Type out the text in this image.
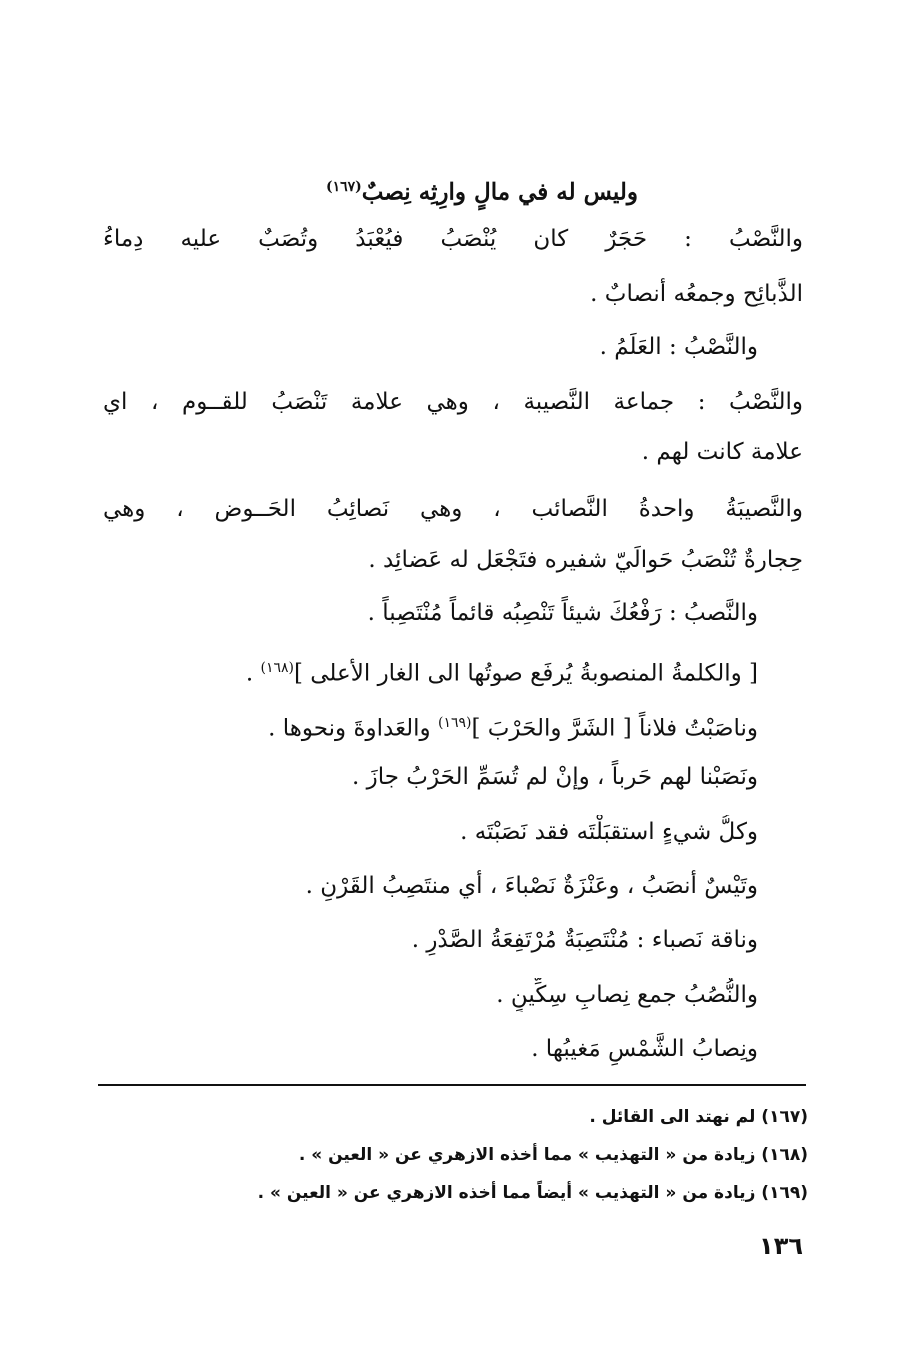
وليس له في مالٍ وارِثِه نِصبٌ$^{(١٦٧)}$
والنَّصْبُ : حَجَرٌ كان يُنْصَبُ فيُعْبَدُ وتُصَبٌ عليه دِماءُ
الذَّبائِح وجمعُه أنصابٌ .
والنَّصْبُ : العَلَمُ .
والنَّصْبُ : جماعة النَّصيبة ، وهي علامة تَنْصَبُ للقــوم ، اي
علامة كانت لهم .
والنَّصيبَةُ واحدةُ النَّصائب ، وهي نَصائِبُ الحَــوض ، وهي
حِجارةٌ تُنْصَبُ حَوالَيّ شفيره فتَجْعَل له عَضائِد .
والنَّصبُ : رَفْعُكَ شيئاً تَنْصِبُه قائماً مُنْتَصِباً .
[ والكلمةُ المنصوبةُ يُرفَع صوتُها الى الغار الأعلى ]$^{(١٦٨)}$ .
وناصَبْتُ فلاناً [ الشَرَّ والحَرْبَ ]$^{(١٦٩)}$ والعَداوةَ ونحوها .
ونَصَبْنا لهم حَرباً ، وإنْ لم تُسَمِّ الحَرْبُ جازَ .
وكلُّ شيءٍ استقبَلْتَه فقد نَصَبْتَه .
وتَيْسٌ أنصَبُ ، وعَنْزَةٌ نَصْباءَ ، أي منتَصِبُ القَرْنِ .
وناقة نَصباء : مُنْتَصِبَةٌ مُرْتَفِعَةُ الصَّدْرِ .
والنُّصُبُ جمع نِصابِ سِكِّينٍ .
ونِصابُ الشَّمْسِ مَغيبُها .
(١٦٧) لم نهتد الى القائل .
(١٦٨) زيادة من « التهذيب » مما أخذه الازهري عن « العين » .
(١٦٩) زيادة من « التهذيب » أيضاً مما أخذه الازهري عن « العين » .
١٣٦
